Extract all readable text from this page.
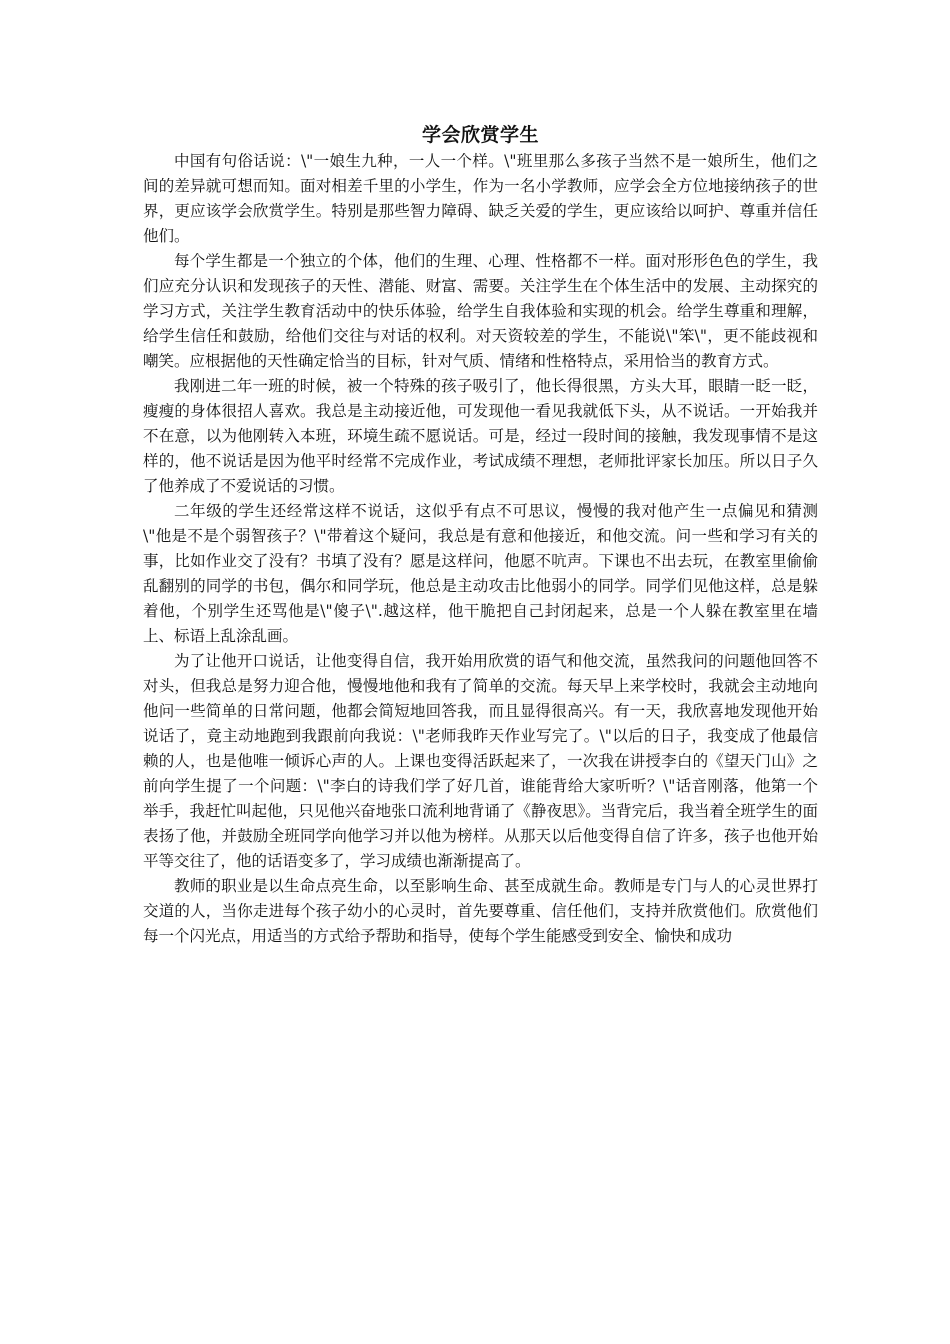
学会欣赏学生

中国有句俗话说：\"一娘生九种，一人一个样。\"班里那么多孩子当然不是一娘所生，他们之间的差异就可想而知。面对相差千里的小学生，作为一名小学教师，应学会全方位地接纳孩子的世界，更应该学会欣赏学生。特别是那些智力障碍、缺乏关爱的学生，更应该给以呵护、尊重并信任他们。

每个学生都是一个独立的个体，他们的生理、心理、性格都不一样。面对形形色色的学生，我们应充分认识和发现孩子的天性、潜能、财富、需要。关注学生在个体生活中的发展、主动探究的学习方式，关注学生教育活动中的快乐体验，给学生自我体验和实现的机会。给学生尊重和理解，给学生信任和鼓励，给他们交往与对话的权利。对天资较差的学生，不能说\"笨\"，更不能歧视和嘲笑。应根据他的天性确定恰当的目标，针对气质、情绪和性格特点，采用恰当的教育方式。

我刚进二年一班的时候，被一个特殊的孩子吸引了，他长得很黑，方头大耳，眼睛一眨一眨，瘦瘦的身体很招人喜欢。我总是主动接近他，可发现他一看见我就低下头，从不说话。一开始我并不在意，以为他刚转入本班，环境生疏不愿说话。可是，经过一段时间的接触，我发现事情不是这样的，他不说话是因为他平时经常不完成作业，考试成绩不理想，老师批评家长加压。所以日子久了他养成了不爱说话的习惯。

二年级的学生还经常这样不说话，这似乎有点不可思议，慢慢的我对他产生一点偏见和猜测\"他是不是个弱智孩子？\"带着这个疑问，我总是有意和他接近，和他交流。问一些和学习有关的事，比如作业交了没有？书填了没有？愿是这样问，他愿不吭声。下课也不出去玩，在教室里偷偷乱翻别的同学的书包，偶尔和同学玩，他总是主动攻击比他弱小的同学。同学们见他这样，总是躲着他，个别学生还骂他是\"傻子\".越这样，他干脆把自己封闭起来，总是一个人躲在教室里在墙上、标语上乱涂乱画。

为了让他开口说话，让他变得自信，我开始用欣赏的语气和他交流，虽然我问的问题他回答不对头，但我总是努力迎合他，慢慢地他和我有了简单的交流。每天早上来学校时，我就会主动地向他问一些简单的日常问题，他都会简短地回答我，而且显得很高兴。有一天，我欣喜地发现他开始说话了，竟主动地跑到我跟前向我说：\"老师我昨天作业写完了。\"以后的日子，我变成了他最信赖的人，也是他唯一倾诉心声的人。上课也变得活跃起来了，一次我在讲授李白的《望天门山》之前向学生提了一个问题：\"李白的诗我们学了好几首，谁能背给大家听听？\"话音刚落，他第一个举手，我赶忙叫起他，只见他兴奋地张口流利地背诵了《静夜思》。当背完后，我当着全班学生的面表扬了他，并鼓励全班同学向他学习并以他为榜样。从那天以后他变得自信了许多，孩子也他开始平等交往了，他的话语变多了，学习成绩也渐渐提高了。

教师的职业是以生命点亮生命，以至影响生命、甚至成就生命。教师是专门与人的心灵世界打交道的人，当你走进每个孩子幼小的心灵时，首先要尊重、信任他们，支持并欣赏他们。欣赏他们每一个闪光点，用适当的方式给予帮助和指导，使每个学生能感受到安全、愉快和成功
